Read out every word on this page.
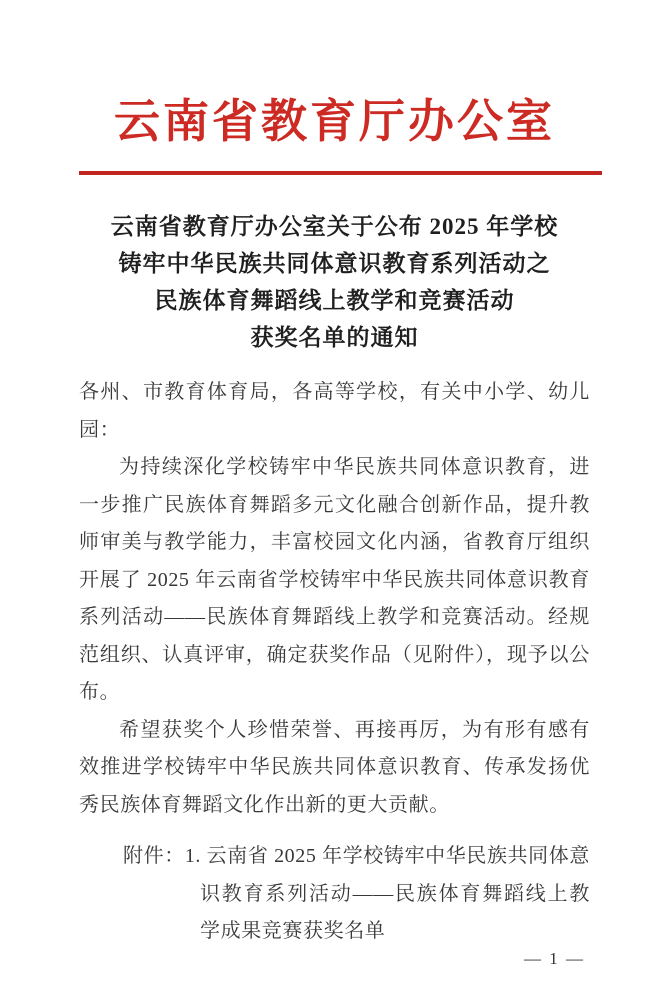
云南省教育厅办公室
云南省教育厅办公室关于公布 2025 年学校
铸牢中华民族共同体意识教育系列活动之
民族体育舞蹈线上教学和竞赛活动
获奖名单的通知

各州、市教育体育局，各高等学校，有关中小学、幼儿园：

为持续深化学校铸牢中华民族共同体意识教育，进一步推广民族体育舞蹈多元文化融合创新作品，提升教师审美与教学能力，丰富校园文化内涵，省教育厅组织开展了 2025 年云南省学校铸牢中华民族共同体意识教育系列活动——民族体育舞蹈线上教学和竞赛活动。经规范组织、认真评审，确定获奖作品（见附件），现予以公布。

希望获奖个人珍惜荣誉、再接再厉，为有形有感有效推进学校铸牢中华民族共同体意识教育、传承发扬优秀民族体育舞蹈文化作出新的更大贡献。

附件：1. 云南省 2025 年学校铸牢中华民族共同体意识教育系列活动——民族体育舞蹈线上教学成果竞赛获奖名单
— 1 —
